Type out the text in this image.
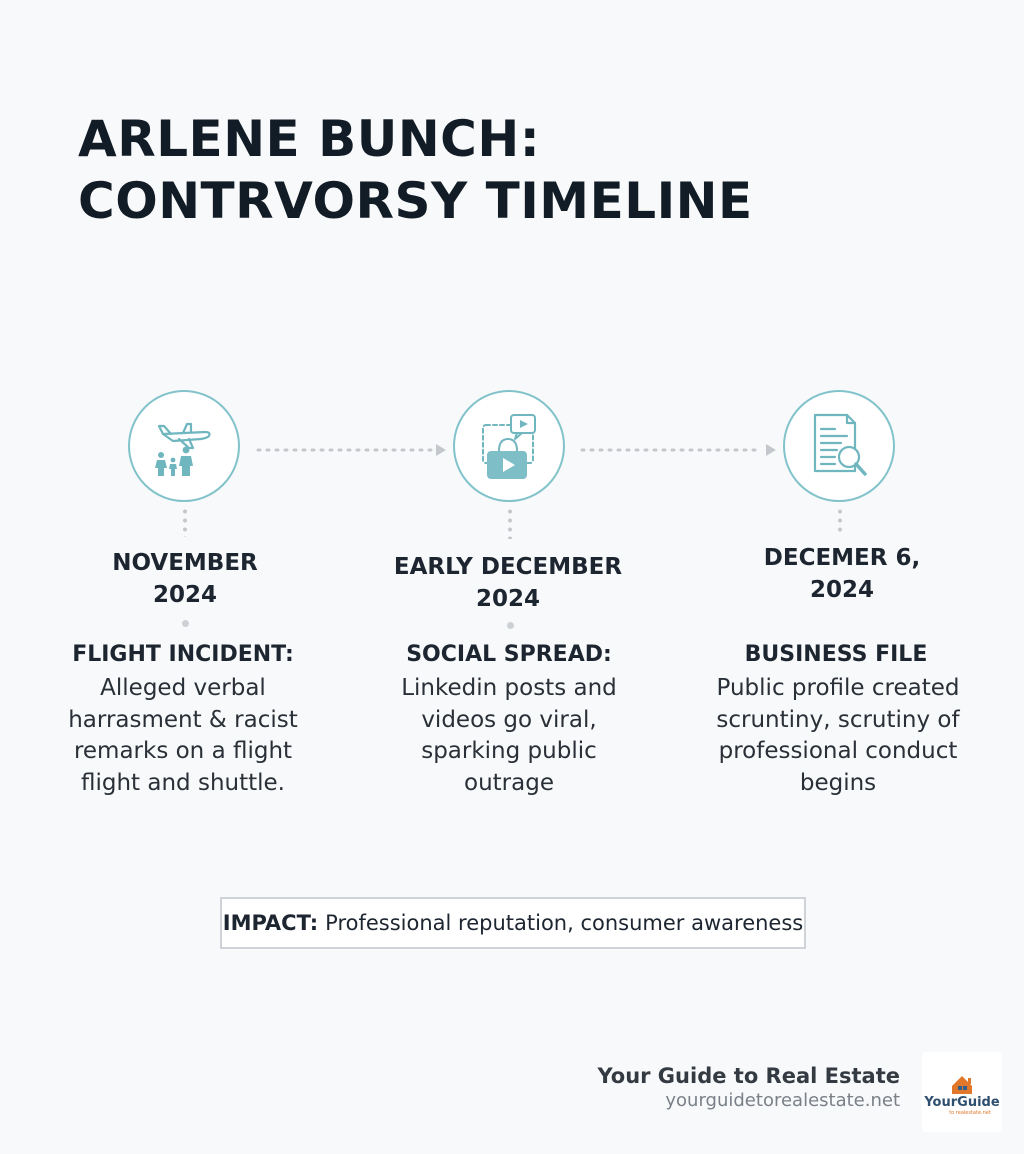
ARLENE BUNCH:
CONTRVORSY TIMELINE
NOVEMBER
2024
FLIGHT INCIDENT:
Alleged verbal
harrasment & racist
remarks on a flight
flight and shuttle.
EARLY DECEMBER
2024
SOCIAL SPREAD:
Linkedin posts and
videos go viral,
sparking public
outrage
DECEMER 6,
2024
BUSINESS FILE
Public profile created
scruntiny, scrutiny of
professional conduct
begins
IMPACT: Professional reputation, consumer awareness
Your Guide to Real Estate
yourguidetorealestate.net YourGuide
to realestate.net
